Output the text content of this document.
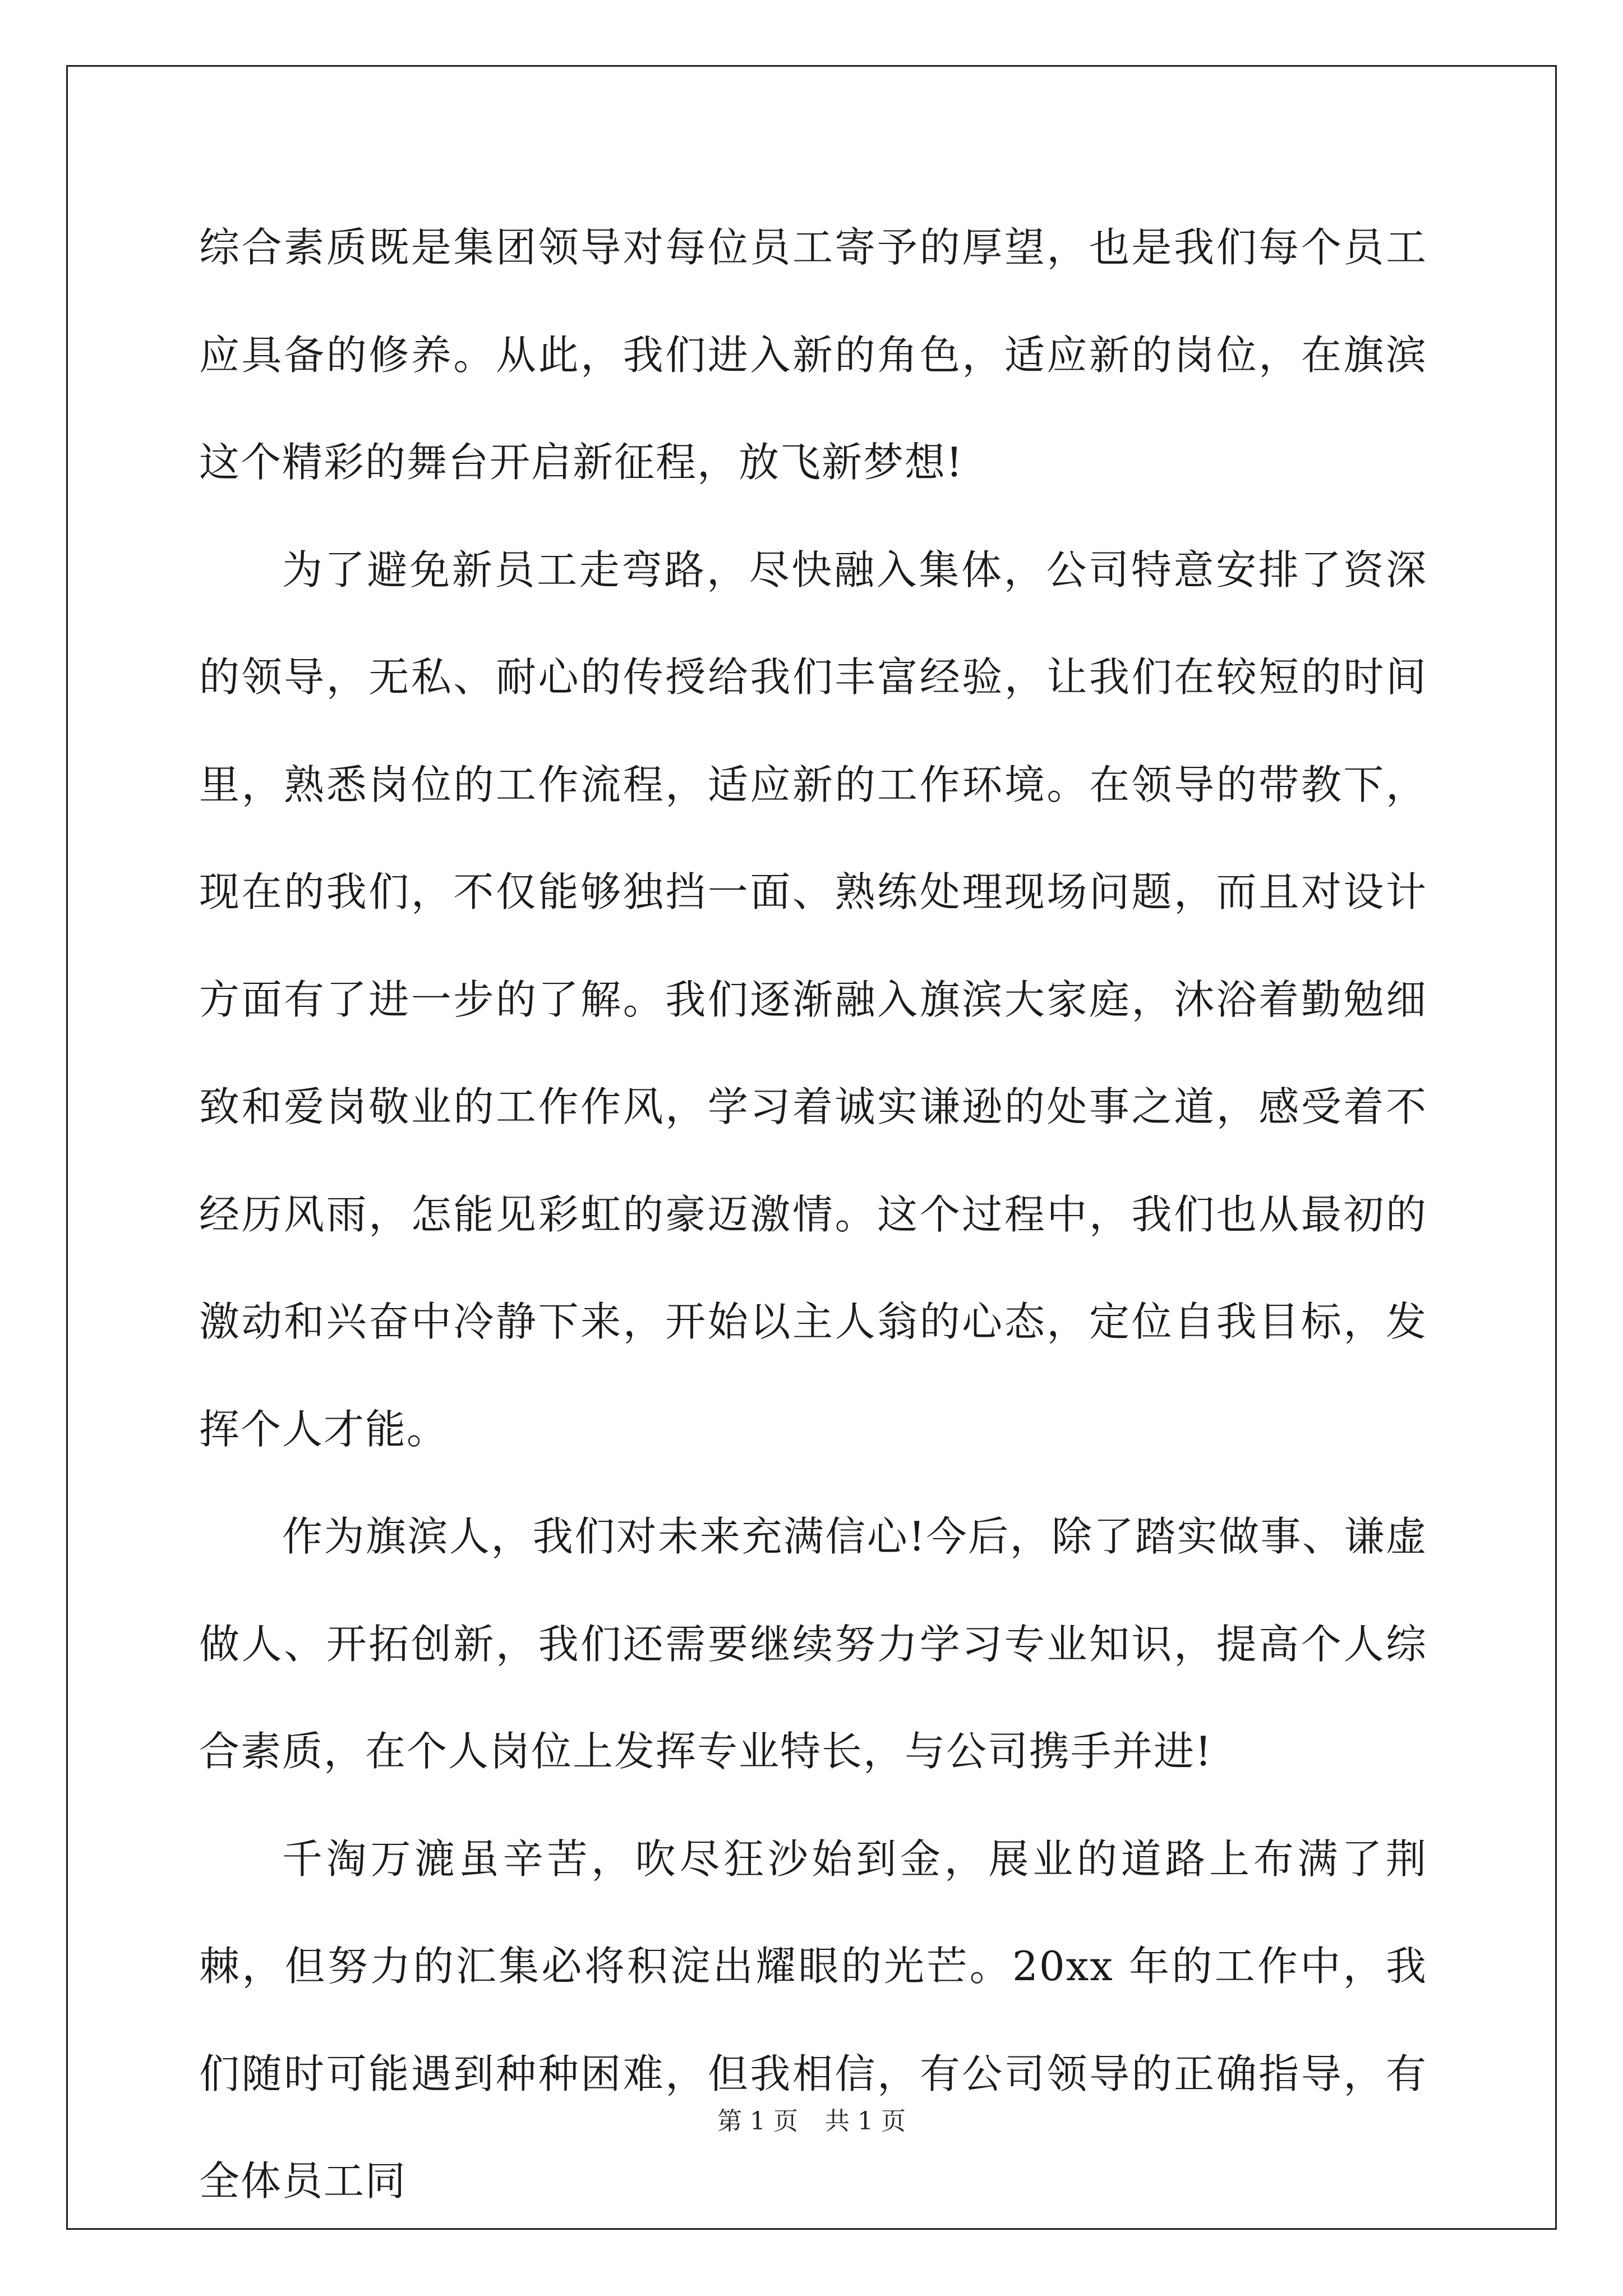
综合素质既是集团领导对每位员工寄予的厚望，也是我们每个员工应具备的修养。从此，我们进入新的角色，适应新的岗位，在旗滨这个精彩的舞台开启新征程，放飞新梦想!

为了避免新员工走弯路，尽快融入集体，公司特意安排了资深的领导，无私、耐心的传授给我们丰富经验，让我们在较短的时间里，熟悉岗位的工作流程，适应新的工作环境。在领导的带教下，现在的我们，不仅能够独挡一面、熟练处理现场问题，而且对设计方面有了进一步的了解。我们逐渐融入旗滨大家庭，沐浴着勤勉细致和爱岗敬业的工作作风，学习着诚实谦逊的处事之道，感受着不经历风雨，怎能见彩虹的豪迈激情。这个过程中，我们也从最初的激动和兴奋中冷静下来，开始以主人翁的心态，定位自我目标，发挥个人才能。

作为旗滨人，我们对未来充满信心!今后，除了踏实做事、谦虚做人、开拓创新，我们还需要继续努力学习专业知识，提高个人综合素质，在个人岗位上发挥专业特长，与公司携手并进!

千淘万漉虽辛苦，吹尽狂沙始到金，展业的道路上布满了荆棘，但努力的汇集必将积淀出耀眼的光芒。20xx 年的工作中，我们随时可能遇到种种困难，但我相信，有公司领导的正确指导，有全体员工同

第 1 页 共 1 页
